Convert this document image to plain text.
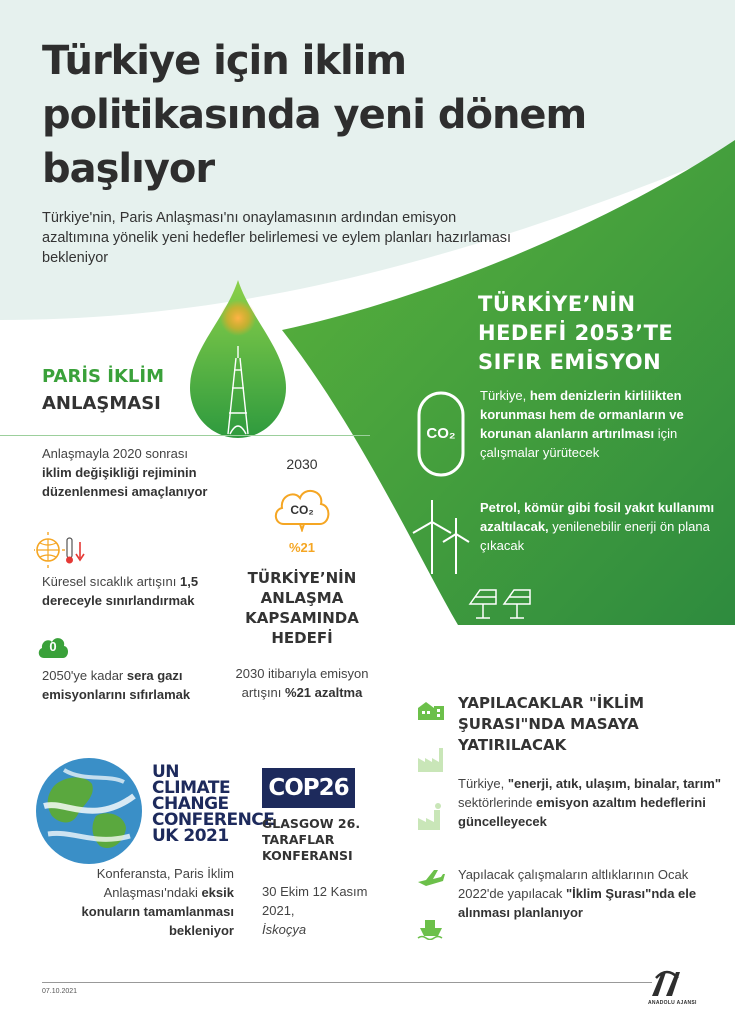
Türkiye için iklim politikasında yeni dönem başlıyor
Türkiye'nin, Paris Anlaşması'nı onaylamasının ardından emisyon azaltımına yönelik yeni hedefler belirlemesi ve eylem planları hazırlaması bekleniyor
PARİS İKLİM
ANLAŞMASI
Anlaşmayla 2020 sonrası iklim değişikliği rejiminin düzenlenmesi amaçlanıyor
Küresel sıcaklık artışını 1,5 dereceyle sınırlandırmak
0
2050'ye kadar sera gazı emisyonlarını sıfırlamak
2030
CO₂
%21
TÜRKİYE’NİN ANLAŞMA KAPSAMINDA HEDEFİ
2030 itibarıyla emisyon artışını %21 azaltma
TÜRKİYE’NİN HEDEFİ 2053’TE SIFIR EMİSYON
CO₂
Türkiye, hem denizlerin kirlilikten korunması hem de ormanların ve korunan alanların artırılması için çalışmalar yürütecek
Petrol, kömür gibi fosil yakıt kullanımı azaltılacak, yenilenebilir enerji ön plana çıkacak
YAPILACAKLAR "İKLİM ŞURASI"NDA MASAYA YATIRILACAK
Türkiye, "enerji, atık, ulaşım, binalar, tarım" sektörlerinde emisyon azaltım hedeflerini güncelleyecek
Yapılacak çalışmaların altlıklarının Ocak 2022'de yapılacak "İklim Şurası"nda ele alınması planlanıyor
UN CLIMATE CHANGE CONFERENCE UK 2021
COP26
GLASGOW 26. TARAFLAR KONFERANSI
30 Ekim 12 Kasım 2021,
İskoçya
Konferansta, Paris İklim Anlaşması'ndaki eksik konuların tamamlanması bekleniyor
07.10.2021
ANADOLU AJANSI
